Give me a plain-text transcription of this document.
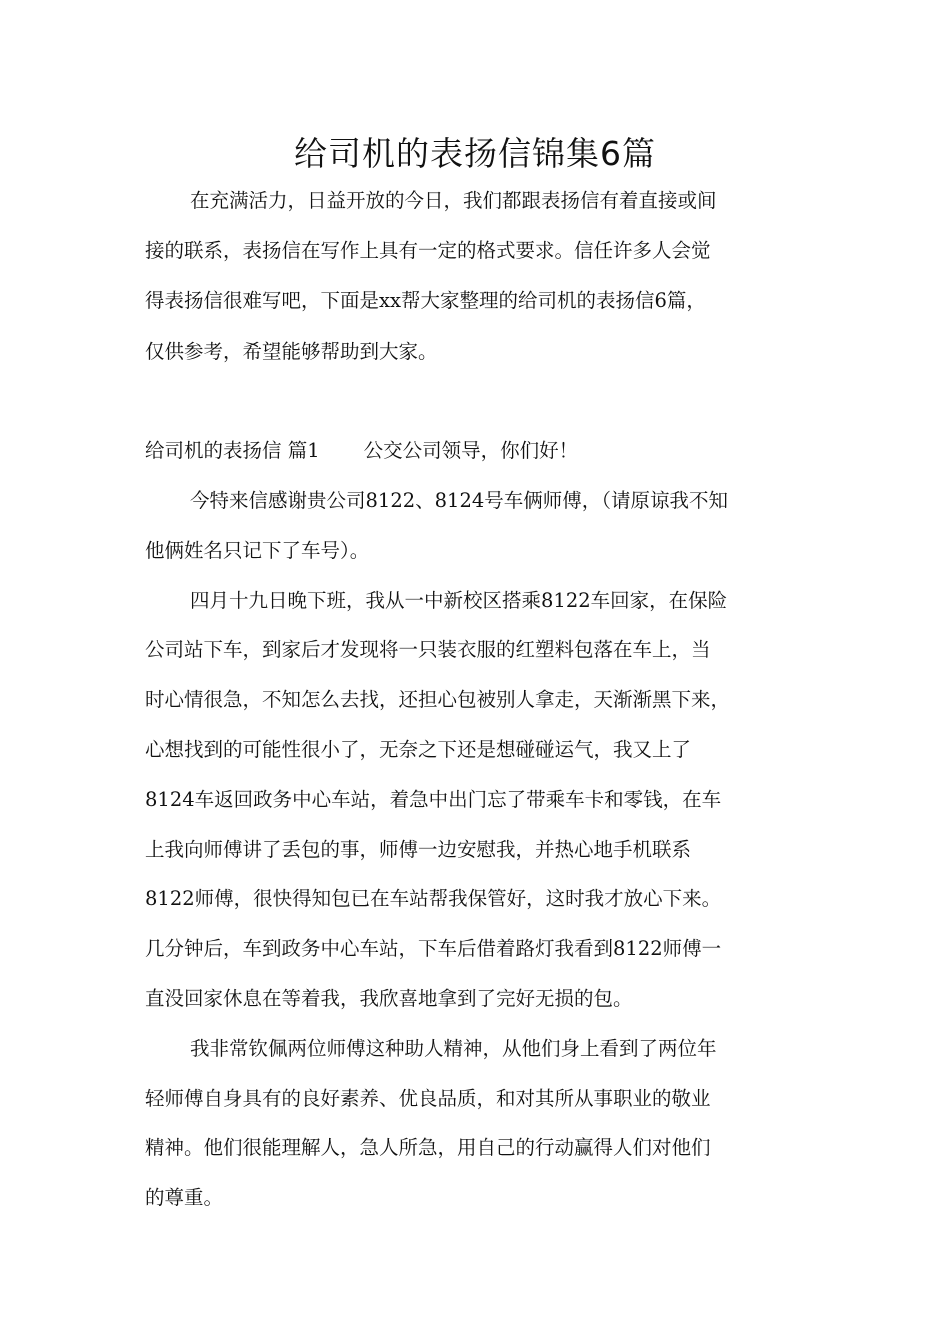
给司机的表扬信锦集6篇
在充满活力，日益开放的今日，我们都跟表扬信有着直接或间
接的联系，表扬信在写作上具有一定的格式要求。信任许多人会觉
得表扬信很难写吧，下面是xx帮大家整理的给司机的表扬信6篇，
仅供参考，希望能够帮助到大家。
给司机的表扬信 篇1 公交公司领导，你们好！
今特来信感谢贵公司8122、8124号车俩师傅，（请原谅我不知
他俩姓名只记下了车号）。
四月十九日晚下班，我从一中新校区搭乘8122车回家，在保险
公司站下车，到家后才发现将一只装衣服的红塑料包落在车上，当
时心情很急，不知怎么去找，还担心包被别人拿走，天渐渐黑下来，
心想找到的可能性很小了，无奈之下还是想碰碰运气，我又上了
8124车返回政务中心车站，着急中出门忘了带乘车卡和零钱，在车
上我向师傅讲了丢包的事，师傅一边安慰我，并热心地手机联系
8122师傅，很快得知包已在车站帮我保管好，这时我才放心下来。
几分钟后，车到政务中心车站，下车后借着路灯我看到8122师傅一
直没回家休息在等着我，我欣喜地拿到了完好无损的包。
我非常钦佩两位师傅这种助人精神，从他们身上看到了两位年
轻师傅自身具有的良好素养、优良品质，和对其所从事职业的敬业
精神。他们很能理解人，急人所急，用自己的行动赢得人们对他们
的尊重。
